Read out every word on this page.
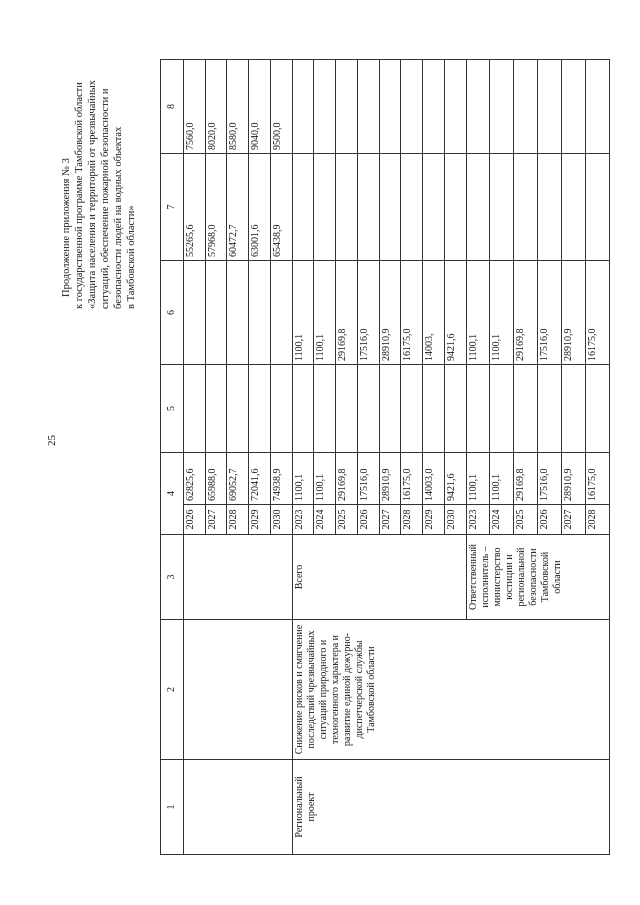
25
Продолжение приложения № 3 к государственной программе Тамбовской области «Защита населения и территорий от чрезвычайных ситуаций, обеспечение пожарной безопасности и безопасности людей на водных объектах в Тамбовской области»
1	2	3	4		5	6	7	8
			2026	62825,6			55265,6	7560,0
			2027	65988,0			57968,0	8020,0
			2028	69052,7			60472,7	8580,0
			2029	72041,6			63001,6	9040,0
			2030	74938,9			65438,9	9500,0
Региональный проект	Снижение рисков и смягчение последствий чрезвычайных ситуаций природного и техногенного характера и развитие единой дежурно-диспетчерской службы Тамбовской области	Всего	2023	1100,1		1100,1		
			2024	1100,1		1100,1		
			2025	29169,8		29169,8		
			2026	17516,0		17516,0		
			2027	28910,9		28910,9		
			2028	16175,0		16175,0		
			2029	14003,0		14003,		
			2030	9421,6		9421,6		
		Ответственный исполнитель – министерство юстиции и региональной безопасности Тамбовской области	2023	1100,1		1100,1		
			2024	1100,1		1100,1		
			2025	29169,8		29169,8		
			2026	17516,0		17516,0		
			2027	28910,9		28910,9		
			2028	16175,0		16175,0		
